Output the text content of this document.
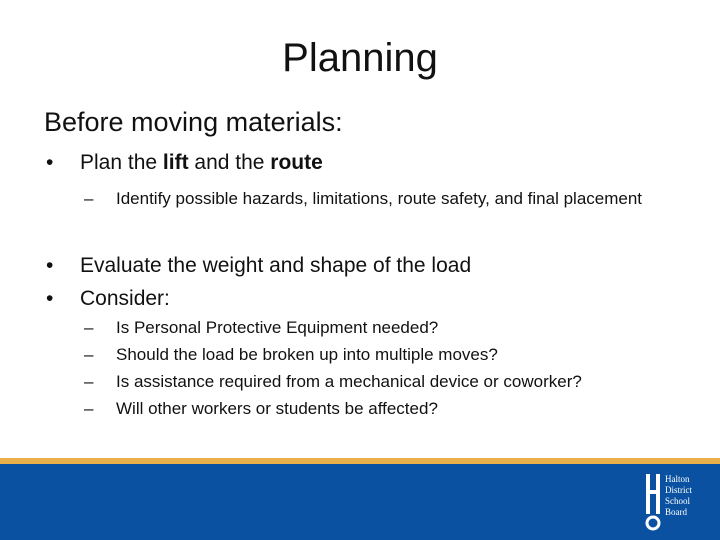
Planning
Before moving materials:
•	Plan the lift and the route
–	Identify possible hazards, limitations, route safety, and final placement
•	Evaluate the weight and shape of the load
•	Consider:
–	Is Personal Protective Equipment needed?
–	Should the load be broken up into multiple moves?
–	Is assistance required from a mechanical device or coworker?
–	Will other workers or students be affected?
Halton
District
School
Board
